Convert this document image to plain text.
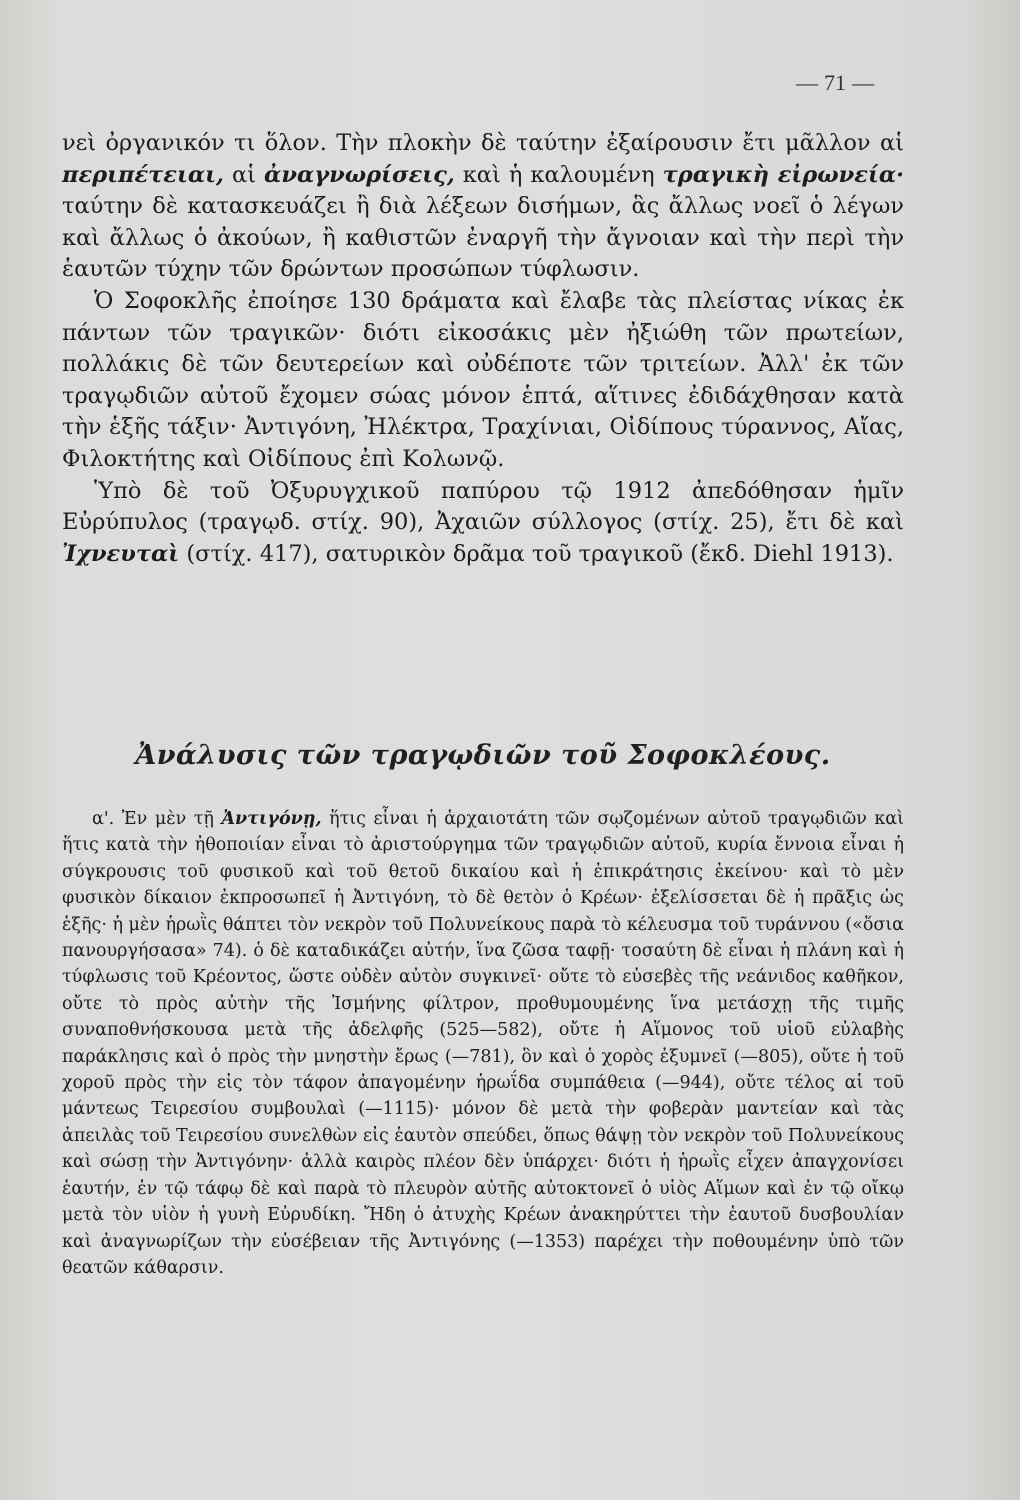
— 71 —

νεὶ ὀργανικόν τι ὅλον. Τὴν πλοκὴν δὲ ταύτην ἐξαίρουσιν ἔτι μᾶλλον αἱ περιπέτειαι, αἱ ἀναγνωρίσεις, καὶ ἡ καλουμένη τραγικὴ εἰρωνεία· ταύτην δὲ κατασκευάζει ἢ διὰ λέξεων δισήμων, ἃς ἄλλως νοεῖ ὁ λέγων καὶ ἄλλως ὁ ἀκούων, ἢ καθιστῶν ἐναργῆ τὴν ἄγνοιαν καὶ τὴν περὶ τὴν ἑαυτῶν τύχην τῶν δρώντων προσώπων τύφλωσιν.

Ὁ Σοφοκλῆς ἐποίησε 130 δράματα καὶ ἔλαβε τὰς πλείστας νίκας ἐκ πάντων τῶν τραγικῶν· διότι εἰκοσάκις μὲν ἠξιώθη τῶν πρωτείων, πολλάκις δὲ τῶν δευτερείων καὶ οὐδέποτε τῶν τριτείων. Ἀλλ' ἐκ τῶν τραγῳδιῶν αὐτοῦ ἔχομεν σώας μόνον ἑπτά, αἵτινες ἐδιδάχθησαν κατὰ τὴν ἑξῆς τάξιν· Ἀντιγόνη, Ἠλέκτρα, Τραχίνιαι, Οἰδίπους τύραννος, Αἴας, Φιλοκτήτης καὶ Οἰδίπους ἐπὶ Κολωνῷ.

Ὑπὸ δὲ τοῦ Ὀξυρυγχικοῦ παπύρου τῷ 1912 ἀπεδόθησαν ἡμῖν Εὐρύπυλος (τραγῳδ. στίχ. 90), Ἀχαιῶν σύλλογος (στίχ. 25), ἔτι δὲ καὶ Ἰχνευταὶ (στίχ. 417), σατυρικὸν δρᾶμα τοῦ τραγικοῦ (ἔκδ. Diehl 1913).

Ἀνάλυσις τῶν τραγῳδιῶν τοῦ Σοφοκλέους.

α'. Ἐν μὲν τῇ Ἀντιγόνῃ, ἥτις εἶναι ἡ ἀρχαιοτάτη τῶν σῳζομένων αὐτοῦ τραγῳδιῶν καὶ ἥτις κατὰ τὴν ἠθοποιίαν εἶναι τὸ ἀριστούργημα τῶν τραγῳδιῶν αὐτοῦ, κυρία ἔννοια εἶναι ἡ σύγκρουσις τοῦ φυσικοῦ καὶ τοῦ θετοῦ δικαίου καὶ ἡ ἐπικράτησις ἐκείνου· καὶ τὸ μὲν φυσικὸν δίκαιον ἐκπροσωπεῖ ἡ Ἀντιγόνη, τὸ δὲ θετὸν ὁ Κρέων· ἐξελίσσεται δὲ ἡ πρᾶξις ὡς ἑξῆς· ἡ μὲν ἡρωῒς θάπτει τὸν νεκρὸν τοῦ Πολυνείκους παρὰ τὸ κέλευσμα τοῦ τυράννου («ὅσια πανουργήσασα» 74). ὁ δὲ καταδικάζει αὐτήν, ἵνα ζῶσα ταφῇ· τοσαύτη δὲ εἶναι ἡ πλάνη καὶ ἡ τύφλωσις τοῦ Κρέοντος, ὥστε οὐδὲν αὐτὸν συγκινεῖ· οὔτε τὸ εὐσεβὲς τῆς νεάνιδος καθῆκον, οὔτε τὸ πρὸς αὐτὴν τῆς Ἰσμήνης φίλτρον, προθυμουμένης ἵνα μετάσχῃ τῆς τιμῆς συναποθνήσκουσα μετὰ τῆς ἀδελφῆς (525—582), οὔτε ἡ Αἵμονος τοῦ υἱοῦ εὐλαβὴς παράκλησις καὶ ὁ πρὸς τὴν μνηστὴν ἔρως (—781), ὃν καὶ ὁ χορὸς ἐξυμνεῖ (—805), οὔτε ἡ τοῦ χοροῦ πρὸς τὴν εἰς τὸν τάφον ἀπαγομένην ἡρωΐδα συμπάθεια (—944), οὔτε τέλος αἱ τοῦ μάντεως Τειρεσίου συμβουλαὶ (—1115)· μόνον δὲ μετὰ τὴν φοβερὰν μαντείαν καὶ τὰς ἀπειλὰς τοῦ Τειρεσίου συνελθὼν εἰς ἑαυτὸν σπεύδει, ὅπως θάψῃ τὸν νεκρὸν τοῦ Πολυνείκους καὶ σώσῃ τὴν Ἀντιγόνην· ἀλλὰ καιρὸς πλέον δὲν ὑπάρχει· διότι ἡ ἡρωῒς εἶχεν ἀπαγχονίσει ἑαυτήν, ἐν τῷ τάφῳ δὲ καὶ παρὰ τὸ πλευρὸν αὐτῆς αὐτοκτονεῖ ὁ υἱὸς Αἵμων καὶ ἐν τῷ οἴκῳ μετὰ τὸν υἱὸν ἡ γυνὴ Εὐρυδίκη. Ἤδη ὁ ἀτυχὴς Κρέων ἀνακηρύττει τὴν ἑαυτοῦ δυσβουλίαν καὶ ἀναγνωρίζων τὴν εὐσέβειαν τῆς Ἀντιγόνης (—1353) παρέχει τὴν ποθουμένην ὑπὸ τῶν θεατῶν κάθαρσιν.
